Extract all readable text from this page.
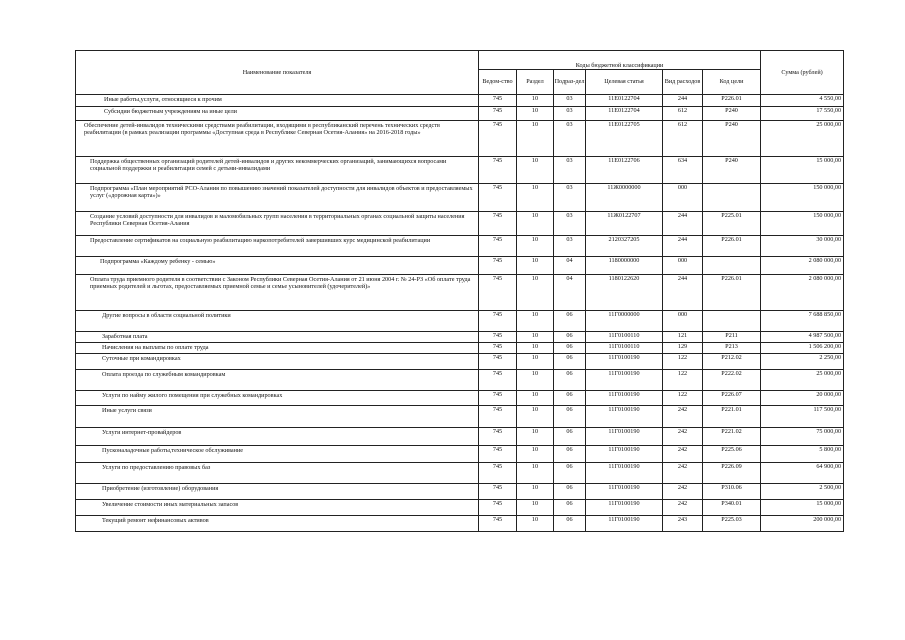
Наименование показателя	Коды бюджетной классификации						Сумма (рублей)
	Ведом-ство	Раздел	Подраз-дел	Целевая статья	Вид расходов	Код цели	
Иные работы,услуги, относящиеся к прочим	745	10	03	11Е0122704	244	Р226.01	4 550,00
Субсидии бюджетным учреждениям на иные цели	745	10	03	11Е0122704	612	Р240	17 550,00
Обеспечение детей-инвалидов техническими средствами реабилитации, входящими в республиканский перечень технических средств реабилитации (в рамках реализации программы «Доступная среда в Республике Северная Осетия-Алания» на 2016-2018 годы»	745	10	03	11Е0122705	612	Р240	25 000,00
Поддержка общественных организаций родителей детей-инвалидов и других некоммерческих организаций, занимающихся вопросами социальной поддержки и реабилитации семей с детьми-инвалидами	745	10	03	11Е0122706	634	Р240	15 000,00
Подпрограмма «План мероприятий РСО-Алания по повышению значений показателей доступности для инвалидов объектов и предоставляемых услуг («дорожная карта»)»	745	10	03	11Ж0000000	000		150 000,00
Создание условий доступности для инвалидов и маломобильных групп населения в территориальных органах социальной защиты населения Республики Северная Осетия-Алания	745	10	03	11Ж0122707	244	Р225.01	150 000,00
Предоставление сертификатов на социальную реабилитацию наркопотребителей завершивших курс медицинской реабилитации	745	10	03	2120327205	244	Р226.01	30 000,00
Подпрограмма «Каждому ребенку - семью»	745	10	04	1180000000	000		2 080 000,00
Оплата труда приемного родителя в соответствии с Законом Республики Северная Осетия-Алания от 21 июня 2004 г. № 24-РЗ «Об оплате труда приемных родителей и льготах, предоставляемых приемной семье и семье усыновителей (удочерителей)»	745	10	04	1180122620	244	Р226.01	2 080 000,00
Другие вопросы в области социальной политики	745	10	06	11Г0000000	000		7 688 850,00
Заработная плата	745	10	06	11Г0100110	121	Р211	4 987 500,00
Начисления на выплаты по оплате труда	745	10	06	11Г0100110	129	Р213	1 506 200,00
Суточные при командировках	745	10	06	11Г0100190	122	Р212.02	2 250,00
Оплата проезда по служебным командировкам	745	10	06	11Г0100190	122	Р222.02	25 000,00
Услуги по найму жилого помещения при служебных командировках	745	10	06	11Г0100190	122	Р226.07	20 000,00
Иные услуги связи	745	10	06	11Г0100190	242	Р221.01	117 500,00
Услуги интернет-провайдеров	745	10	06	11Г0100190	242	Р221.02	75 000,00
Пусконаладочные работы,техническое обслуживание	745	10	06	11Г0100190	242	Р225.06	5 800,00
Услуги по предоставлению правовых баз	745	10	06	11Г0100190	242	Р226.09	64 900,00
Приобретение (изготовление) оборудования	745	10	06	11Г0100190	242	Р310.06	2 500,00
Увеличение стоимости иных материальных запасов	745	10	06	11Г0100190	242	Р340.01	15 000,00
Текущий ремонт нефинансовых активов	745	10	06	11Г0100190	243	Р225.03	200 000,00
